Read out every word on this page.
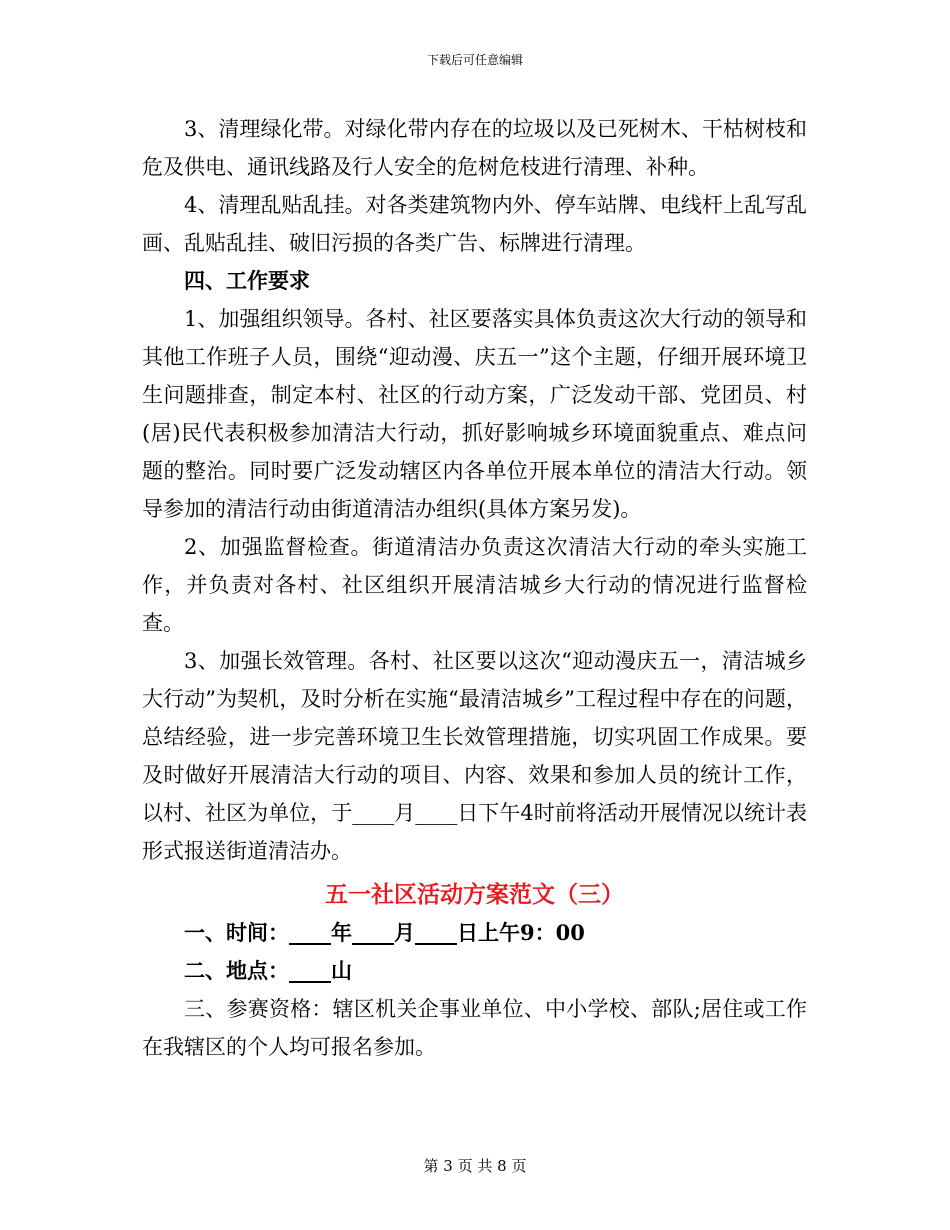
下载后可任意编辑

3、清理绿化带。对绿化带内存在的垃圾以及已死树木、干枯树枝和危及供电、通讯线路及行人安全的危树危枝进行清理、补种。

4、清理乱贴乱挂。对各类建筑物内外、停车站牌、电线杆上乱写乱画、乱贴乱挂、破旧污损的各类广告、标牌进行清理。

四、工作要求

1、加强组织领导。各村、社区要落实具体负责这次大行动的领导和其他工作班子人员，围绕“迎动漫、庆五一”这个主题，仔细开展环境卫生问题排查，制定本村、社区的行动方案，广泛发动干部、党团员、村(居)民代表积极参加清洁大行动，抓好影响城乡环境面貌重点、难点问题的整治。同时要广泛发动辖区内各单位开展本单位的清洁大行动。领导参加的清洁行动由街道清洁办组织(具体方案另发)。

2、加强监督检查。街道清洁办负责这次清洁大行动的牵头实施工作，并负责对各村、社区组织开展清洁城乡大行动的情况进行监督检查。

3、加强长效管理。各村、社区要以这次“迎动漫庆五一，清洁城乡大行动”为契机，及时分析在实施“最清洁城乡”工程过程中存在的问题，总结经验，进一步完善环境卫生长效管理措施，切实巩固工作成果。要及时做好开展清洁大行动的项目、内容、效果和参加人员的统计工作，以村、社区为单位，于____月____日下午4时前将活动开展情况以统计表形式报送街道清洁办。

五一社区活动方案范文（三）

一、时间：____年____月____日上午9：00

二、地点：____山

三、参赛资格：辖区机关企事业单位、中小学校、部队;居住或工作在我辖区的个人均可报名参加。

第 3 页 共 8 页
